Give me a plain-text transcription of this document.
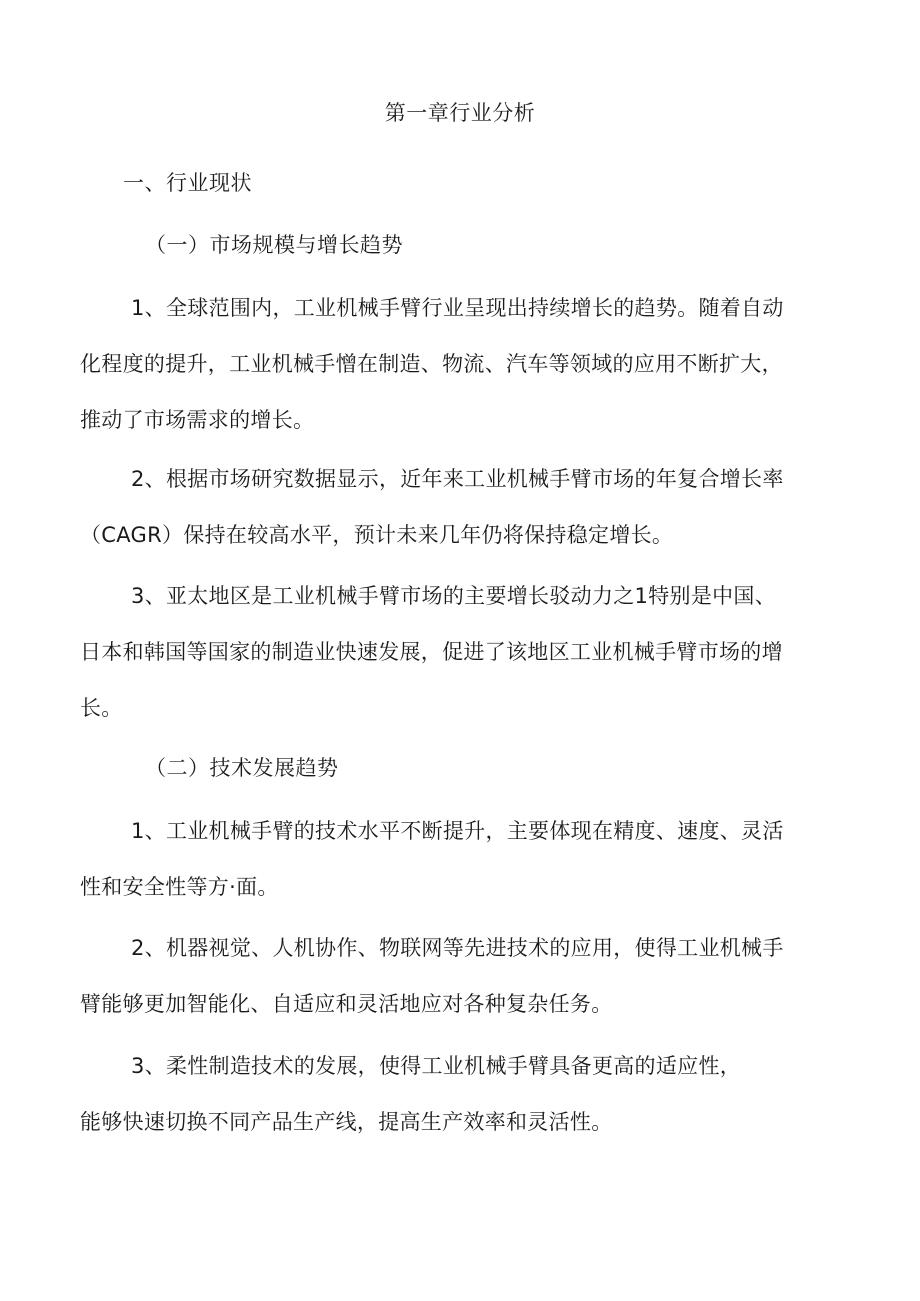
第一章行业分析
一、行业现状
（一）市场规模与增长趋势
1、全球范围内，工业机械手臂行业呈现出持续增长的趋势。随着自动
化程度的提升，工业机械手憎在制造、物流、汽车等领域的应用不断扩大，
推动了市场需求的增长。
2、根据市场研究数据显示，近年来工业机械手臂市场的年复合增长率
（CAGR）保持在较高水平，预计未来几年仍将保持稳定增长。
3、亚太地区是工业机械手臂市场的主要增长驳动力之1特别是中国、
日本和韩国等国家的制造业快速发展，促进了该地区工业机械手臂市场的增
长。
（二）技术发展趋势
1、工业机械手臂的技术水平不断提升，主要体现在精度、速度、灵活
性和安全性等方·面。
2、机器视觉、人机协作、物联网等先进技术的应用，使得工业机械手
臂能够更加智能化、自适应和灵活地应对各种复杂任务。
3、柔性制造技术的发展，使得工业机械手臂具备更高的适应性，
能够快速切换不同产品生产线，提高生产效率和灵活性。
